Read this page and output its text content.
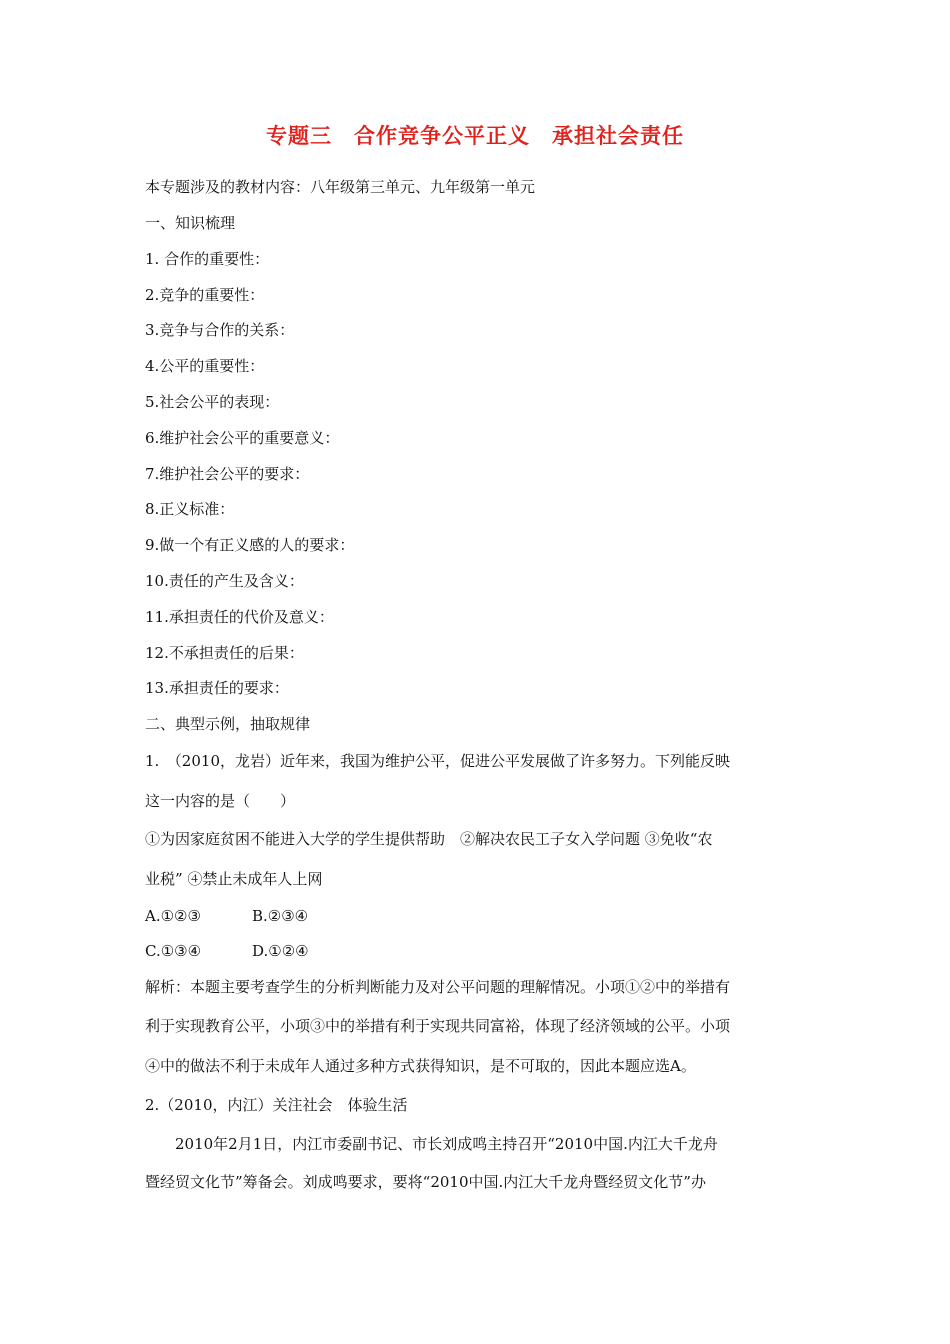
专题三　合作竞争公平正义　承担社会责任
本专题涉及的教材内容：八年级第三单元、九年级第一单元
一、知识梳理
1. 合作的重要性：
2.竞争的重要性：
3.竞争与合作的关系：
4.公平的重要性：
5.社会公平的表现：
6.维护社会公平的重要意义：
7.维护社会公平的要求：
8.正义标准：
9.做一个有正义感的人的要求：
10.责任的产生及含义：
11.承担责任的代价及意义：
12.不承担责任的后果：
13.承担责任的要求：
二、典型示例，抽取规律
1.　（2010，龙岩）近年来，我国为维护公平，促进公平发展做了许多努力。下列能反映
这一内容的是（　　）
①为因家庭贫困不能进入大学的学生提供帮助　②解决农民工子女入学问题 ③免收“农
业税” ④禁止未成年人上网
A.①②③	B.②③④
C.①③④	D.①②④
解析：本题主要考查学生的分析判断能力及对公平问题的理解情况。小项①②中的举措有
利于实现教育公平，小项③中的举措有利于实现共同富裕，体现了经济领域的公平。小项
④中的做法不利于未成年人通过多种方式获得知识，是不可取的，因此本题应选A。
2.（2010，内江）关注社会　体验生活
2010年2月1日，内江市委副书记、市长刘成鸣主持召开“2010中国.内江大千龙舟
暨经贸文化节”筹备会。刘成鸣要求，要将“2010中国.内江大千龙舟暨经贸文化节”办
